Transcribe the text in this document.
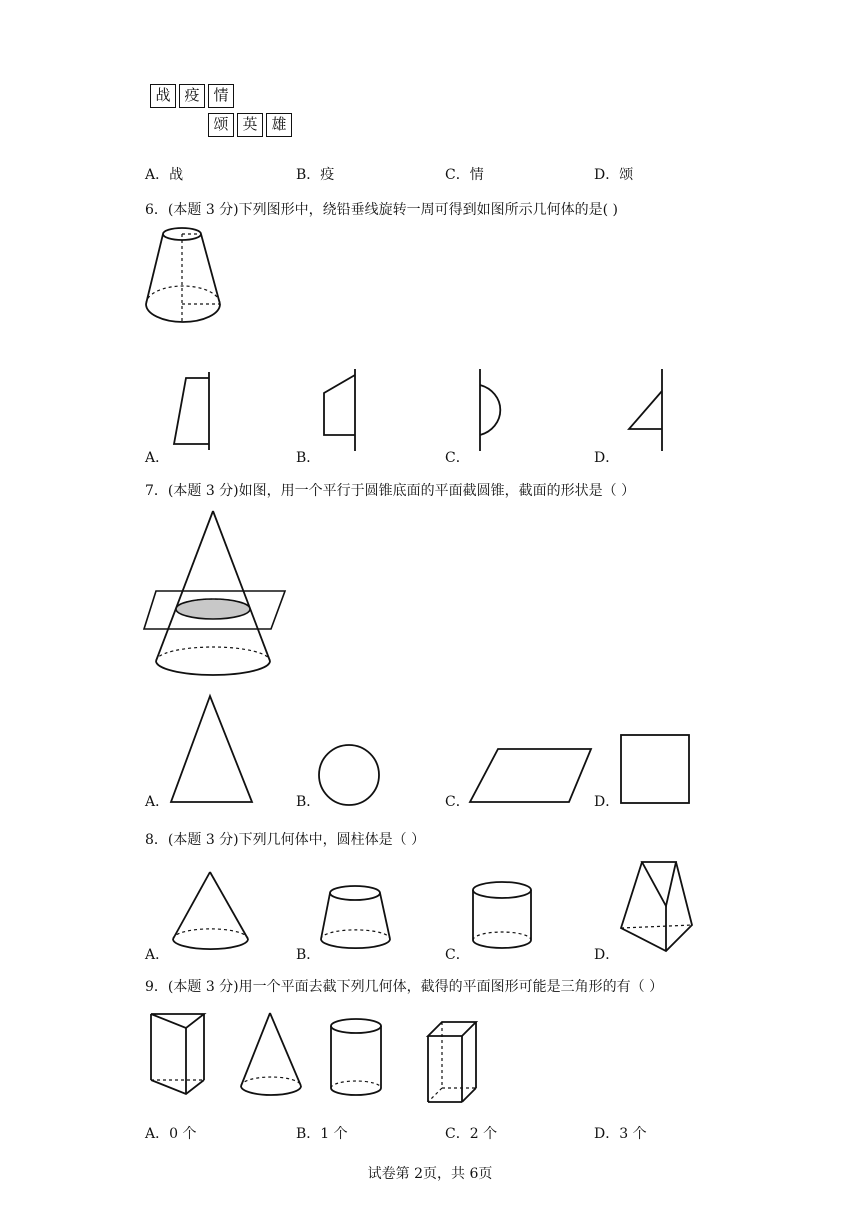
战 疫 情
颂 英 雄
A．战	B．疫	C．情	D．颂
6．(本题 3 分)下列图形中，绕铅垂线旋转一周可得到如图所示几何体的是( )
A．	B．	C．	D．
7．(本题 3 分)如图，用一个平行于圆锥底面的平面截圆锥，截面的形状是（ ）
A．	B．	C．	D．
8．(本题 3 分)下列几何体中，圆柱体是（ ）
A．	B．	C．	D．
9．(本题 3 分)用一个平面去截下列几何体，截得的平面图形可能是三角形的有（ ）
A．0 个	B．1 个	C．2 个	D．3 个
试卷第 2页，共 6页
